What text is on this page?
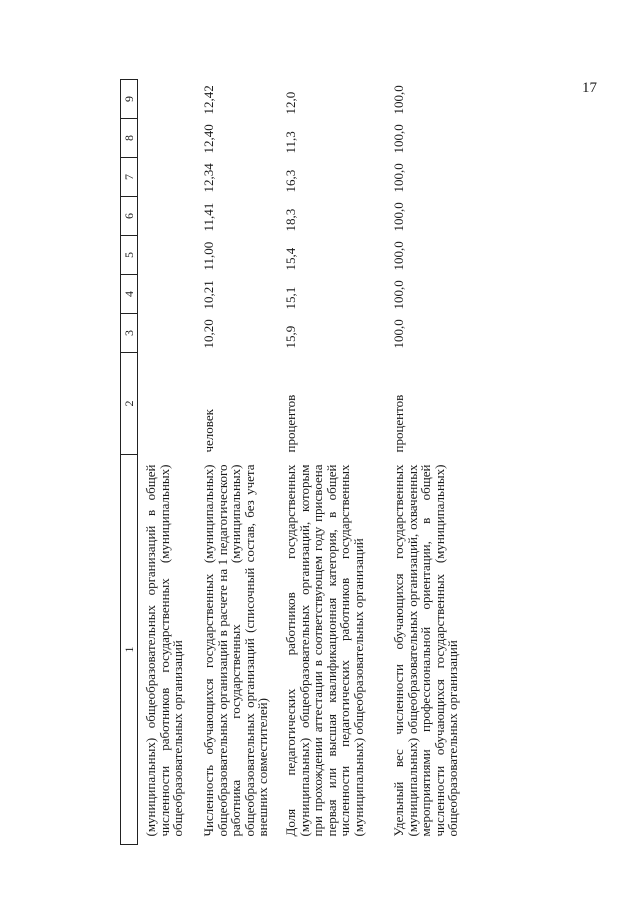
17
1	2	3	4	5	6	7	8	9
(муниципальных) общеобразовательных организаций в общей численности работников государственных (муниципальных) общеобразовательных организаций								
Численность обучающихся государственных (муниципальных) общеобразовательных организаций в расчете на 1 педагогического работника государственных (муниципальных) общеобразовательных организаций (списочный состав, без учета внешних совместителей)	человек	10,20	10,21	11,00	11,41	12,34	12,40	12,42
Доля педагогических работников государственных (муниципальных) общеобразовательных организаций, которым при прохождении аттестации в соответствующем году присвоена первая или высшая квалификационная категория, в общей численности педагогических работников государственных (муниципальных) общеобразовательных организаций	процентов	15,9	15,1	15,4	18,3	16,3	11,3	12,0
Удельный вес численности обучающихся государственных (муниципальных) общеобразовательных организаций, охваченных мероприятиями профессиональной ориентации, в общей численности обучающихся государственных (муниципальных) общеобразовательных организаций	процентов	100,0	100,0	100,0	100,0	100,0	100,0	100,0
